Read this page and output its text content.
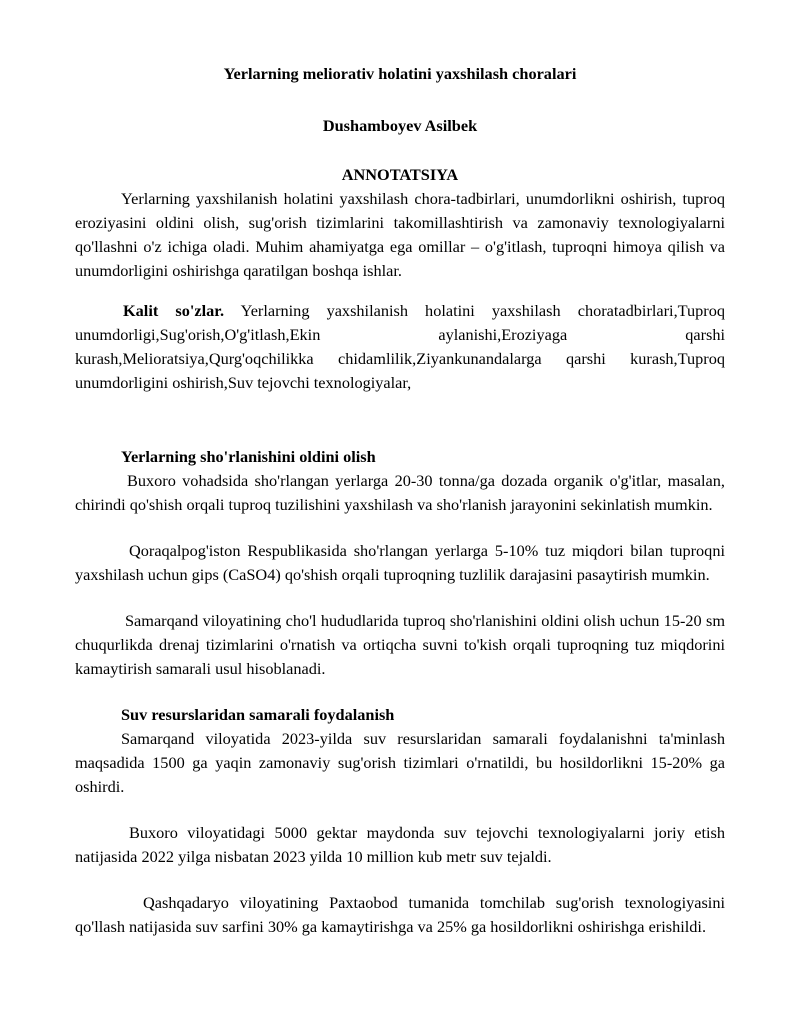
Yerlarning meliorativ holatini yaxshilash choralari

Dushamboyev Asilbek

ANNOTATSIYA

Yerlarning yaxshilanish holatini yaxshilash chora-tadbirlari, unumdorlikni oshirish, tuproq eroziyasini oldini olish, sug'orish tizimlarini takomillashtirish va zamonaviy texnologiyalarni qo'llashni o'z ichiga oladi. Muhim ahamiyatga ega omillar – o'g'itlash, tuproqni himoya qilish va unumdorligini oshirishga qaratilgan boshqa ishlar.

Kalit so'zlar. Yerlarning yaxshilanish holatini yaxshilash choratadbirlari,Tuproq unumdorligi,Sug'orish,O'g'itlash,Ekin aylanishi,Eroziyaga qarshi kurash,Melioratsiya,Qurg'oqchilikka chidamlilik,Ziyankunandalarga qarshi kurash,Tuproq unumdorligini oshirish,Suv tejovchi texnologiyalar,

Yerlarning sho'rlanishini oldini olish

Buxoro vohadsida sho'rlangan yerlarga 20-30 tonna/ga dozada organik o'g'itlar, masalan, chirindi qo'shish orqali tuproq tuzilishini yaxshilash va sho'rlanish jarayonini sekinlatish mumkin.

Qoraqalpog'iston Respublikasida sho'rlangan yerlarga 5-10% tuz miqdori bilan tuproqni yaxshilash uchun gips (CaSO4) qo'shish orqali tuproqning tuzlilik darajasini pasaytirish mumkin.

Samarqand viloyatining cho'l hududlarida tuproq sho'rlanishini oldini olish uchun 15-20 sm chuqurlikda drenaj tizimlarini o'rnatish va ortiqcha suvni to'kish orqali tuproqning tuz miqdorini kamaytirish samarali usul hisoblanadi.

Suv resurslaridan samarali foydalanish

Samarqand viloyatida 2023-yilda suv resurslaridan samarali foydalanishni ta'minlash maqsadida 1500 ga yaqin zamonaviy sug'orish tizimlari o'rnatildi, bu hosildorlikni 15-20% ga oshirdi.

Buxoro viloyatidagi 5000 gektar maydonda suv tejovchi texnologiyalarni joriy etish natijasida 2022 yilga nisbatan 2023 yilda 10 million kub metr suv tejaldi.

Qashqadaryo viloyatining Paxtaobod tumanida tomchilab sug'orish texnologiyasini qo'llash natijasida suv sarfini 30% ga kamaytirishga va 25% ga hosildorlikni oshirishga erishildi.
